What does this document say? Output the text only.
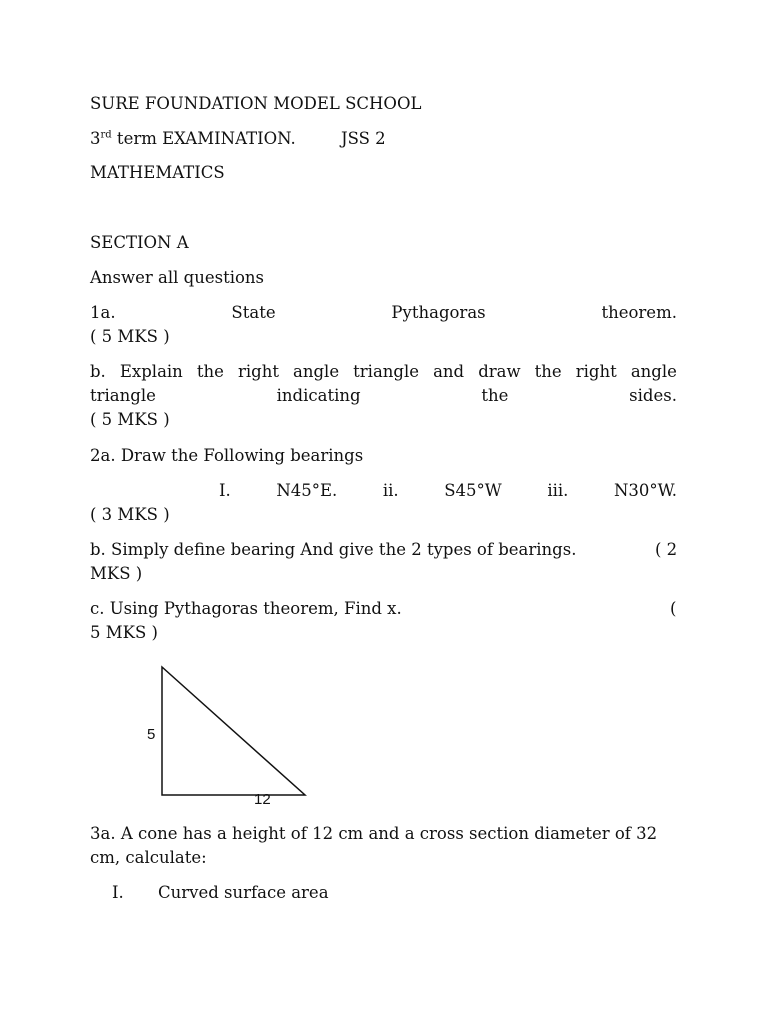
SURE FOUNDATION MODEL SCHOOL
3rd term EXAMINATION.	JSS 2
MATHEMATICS
SECTION A
Answer all questions
1a.	State	Pythagoras	theorem.
( 5 MKS )
b. Explain the right angle triangle and draw the right angle
triangle	indicating	the	sides.
( 5 MKS )
2a. Draw the Following bearings
I.	N45°E.	ii.	S45°W	iii.	N30°W.
( 3 MKS )
b. Simply define bearing And give the 2 types of bearings.	( 2
MKS )
c. Using Pythagoras theorem, Find x.	(
5 MKS )
5
12
3a. A cone has a height of 12 cm and a cross section diameter of 32
cm, calculate:
I. Curved surface area
